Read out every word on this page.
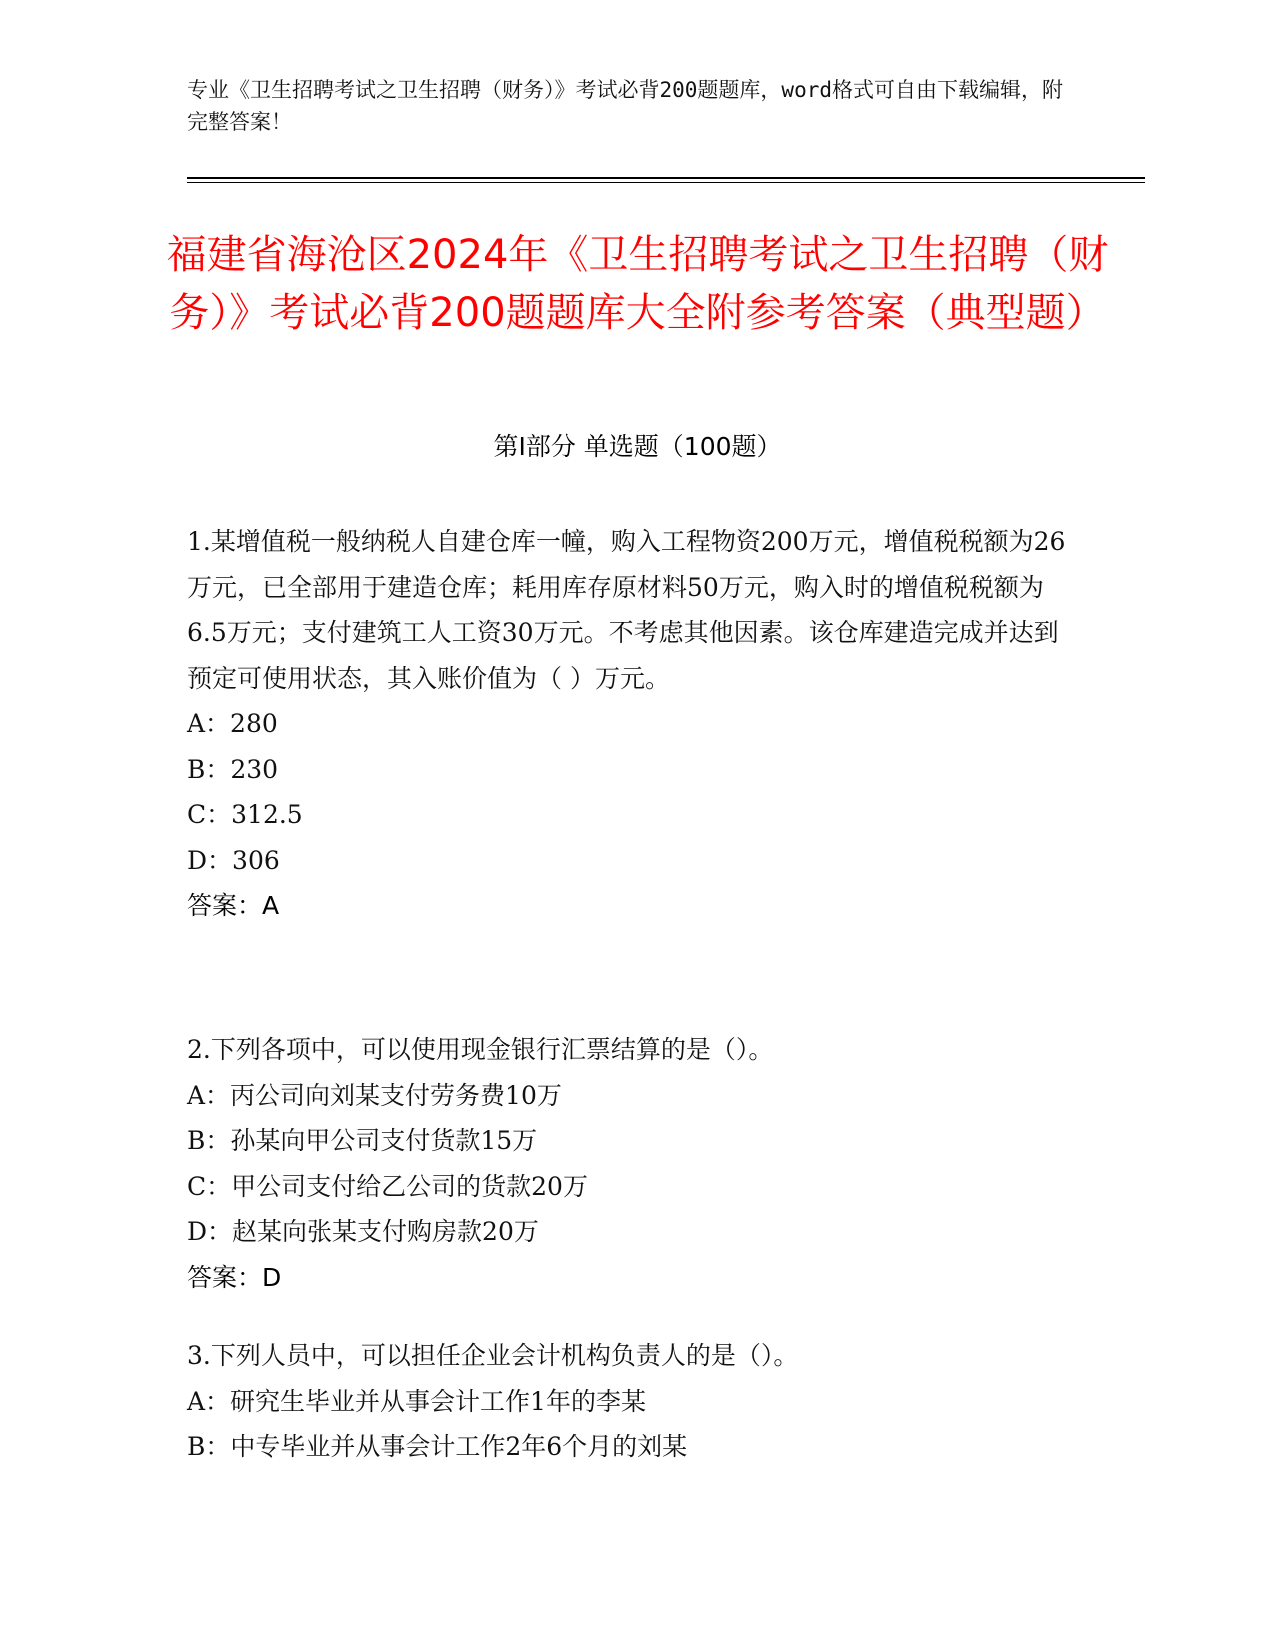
专业《卫生招聘考试之卫生招聘（财务）》考试必背200题题库，word格式可自由下载编辑，附完整答案！
福建省海沧区2024年《卫生招聘考试之卫生招聘（财务）》考试必背200题题库大全附参考答案（典型题）
第Ⅰ部分 单选题（100题）

1.某增值税一般纳税人自建仓库一幢，购入工程物资200万元，增值税税额为26万元，已全部用于建造仓库；耗用库存原材料50万元，购入时的增值税税额为6.5万元；支付建筑工人工资30万元。不考虑其他因素。该仓库建造完成并达到预定可使用状态，其入账价值为（ ）万元。

A：280

B：230

C：312.5

D：306

答案：A

2.下列各项中，可以使用现金银行汇票结算的是（）。

A：丙公司向刘某支付劳务费10万

B：孙某向甲公司支付货款15万

C：甲公司支付给乙公司的货款20万

D：赵某向张某支付购房款20万

答案：D

3.下列人员中，可以担任企业会计机构负责人的是（）。

A：研究生毕业并从事会计工作1年的李某

B：中专毕业并从事会计工作2年6个月的刘某
